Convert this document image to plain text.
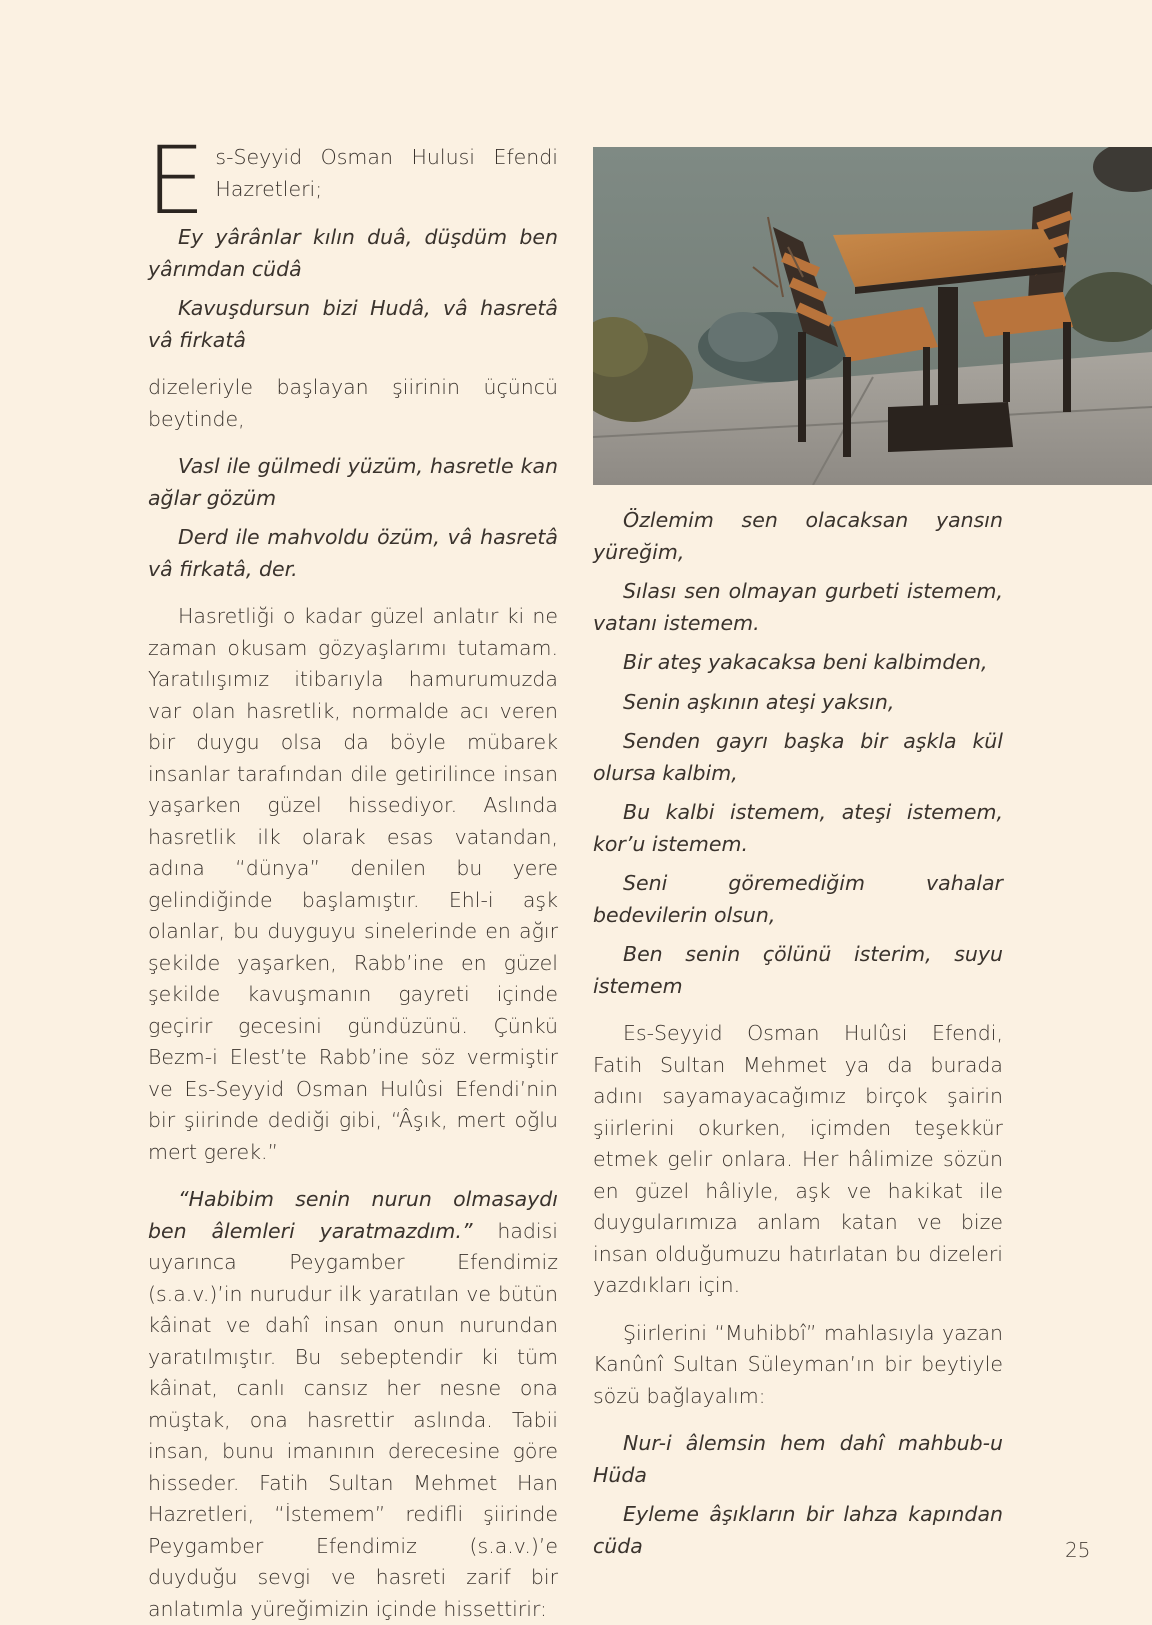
Es-Seyyid Osman Hulusi Efendi Hazretleri;

Ey yârânlar kılın duâ, düşdüm ben yârımdan cüdâ

Kavuşdursun bizi Hudâ, vâ hasretâ vâ firkatâ

dizeleriyle başlayan şiirinin üçüncü beytinde,

Vasl ile gülmedi yüzüm, hasretle kan ağlar gözüm

Derd ile mahvoldu özüm, vâ hasretâ vâ firkatâ, der.

Hasretliği o kadar güzel anlatır ki ne zaman okusam gözyaşlarımı tutamam. Yaratılışımız itibarıyla hamurumuzda var olan hasretlik, normalde acı veren bir duygu olsa da böyle mübarek insanlar tarafından dile getirilince insan yaşarken güzel hissediyor. Aslında hasretlik ilk olarak esas vatandan, adına “dünya” denilen bu yere gelindiğinde başlamıştır. Ehl-i aşk olanlar, bu duyguyu sinelerinde en ağır şekilde yaşarken, Rabb’ine en güzel şekilde kavuşmanın gayreti içinde geçirir gecesini gündüzünü. Çünkü Bezm-i Elest’te Rabb’ine söz vermiştir ve Es-Seyyid Osman Hulûsi Efendi’nin bir şiirinde dediği gibi, “Âşık, mert oğlu mert gerek.”

“Habibim senin nurun olmasaydı ben âlemleri yaratmazdım.” hadisi uyarınca Peygamber Efendimiz (s.a.v.)’in nurudur ilk yaratılan ve bütün kâinat ve dahî insan onun nurundan yaratılmıştır. Bu sebeptendir ki tüm kâinat, canlı cansız her nesne ona müştak, ona hasrettir aslında. Tabii insan, bunu imanının derecesine göre hisseder. Fatih Sultan Mehmet Han Hazretleri, “İstemem” redifli şiirinde Peygamber Efendimiz (s.a.v.)’e duyduğu sevgi ve hasreti zarif bir anlatımla yüreğimizin içinde hissettirir:

Özlemim sen olacaksan yansın yüreğim,

Sılası sen olmayan gurbeti istemem, vatanı istemem.

Bir ateş yakacaksa beni kalbimden,

Senin aşkının ateşi yaksın,

Senden gayrı başka bir aşkla kül olursa kalbim,

Bu kalbi istemem, ateşi istemem, kor’u istemem.

Seni göremediğim vahalar bedevilerin olsun,

Ben senin çölünü isterim, suyu istemem

Es-Seyyid Osman Hulûsi Efendi, Fatih Sultan Mehmet ya da burada adını sayamayacağımız birçok şairin şiirlerini okurken, içimden teşekkür etmek gelir onlara. Her hâlimize sözün en güzel hâliyle, aşk ve hakikat ile duygularımıza anlam katan ve bize insan olduğumuzu hatırlatan bu dizeleri yazdıkları için.

Şiirlerini “Muhibbî” mahlasıyla yazan Kanûnî Sultan Süleyman’ın bir beytiyle sözü bağlayalım:

Nur-i âlemsin hem dahî mahbub-u Hüda

Eyleme âşıkların bir lahza kapından cüda	25
